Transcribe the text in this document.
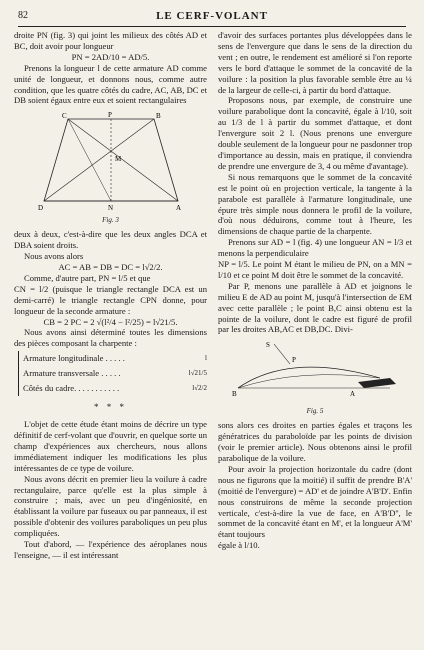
82	LE CERF-VOLANT

droite PN (fig. 3) qui joint les milieux des côtés AD et BC, doit avoir pour longueur

PN = 2AD/10 = AD/5.

Prenons la longueur l de cette armature AD comme unité de longueur, et donnons nous, comme autre condition, que les quatre côtés du cadre, AC, AB, DC et DB soient égaux entre eux et soient rectangulaires

C	P	B
M
D	N	A
Fig. 3

deux à deux, c'est-à-dire que les deux angles DCA et DBA soient droits.

Nous avons alors

AC = AB = DB = DC = l√2/2.

Comme, d'autre part, PN = l/5 et que

CN = l/2 (puisque le triangle rectangle DCA est un demi-carré) le triangle rectangle CPN donne, pour longueur de la seconde armature :

CB = 2 PC = 2 √(l²/4 − l²/25) = l√21/5.

Nous avons ainsi déterminé toutes les dimensions des pièces composant la charpente :

Armature longitudinale . . . . .	l
Armature transversale . . . . .	l√21/5
Côtés du cadre. . . . . . . . . . .	l√2/2
* * *

L'objet de cette étude étant moins de décrire un type définitif de cerf-volant que d'ouvrir, en quelque sorte un champ d'expériences aux chercheurs, nous allons immédiatement indiquer les modifications les plus intéressantes de ce type de voilure.

Nous avons décrit en premier lieu la voilure à cadre rectangulaire, parce qu'elle est la plus simple à construire ; mais, avec un peu d'ingéniosité, en établissant la voilure par fuseaux ou par panneaux, il est possible d'obtenir des voilures paraboliques un peu plus compliquées.

Tout d'abord, — l'expérience des aéroplanes nous l'enseigne, — il est intéressant

d'avoir des surfaces portantes plus développées dans le sens de l'envergure que dans le sens de la direction du vent ; en outre, le rendement est amélioré si l'on reporte vers le bord d'attaque le sommet de la concavité de la voilure : la position la plus favorable semble être au ¼ de la largeur de celle-ci, à partir du bord d'attaque.

Proposons nous, par exemple, de construire une voilure parabolique dont la concavité, égale à l/10, soit au 1/3 de l à partir du sommet d'attaque, et dont l'envergure soit 2 l. (Nous prenons une envergure double seulement de la longueur pour ne pasdonner trop d'importance au dessin, mais en pratique, il conviendra de prendre une envergure de 3, 4 ou même d'avantage).

Si nous remarquons que le sommet de la concavité est le point où en projection verticale, la tangente à la parabole est parallèle à l'armature longitudinale, une épure très simple nous donnera le profil de la voilure, d'où nous déduirons, comme tout à l'heure, les dimensions de chaque partie de la charpente.

Prenons sur AD = l (fig. 4) une longueur AN = l/3 et menons la perpendiculaire

NP = l/5. Le point M étant le milieu de PN, on a MN = l/10 et ce point M doit être le sommet de la concavité.

Par P, menons une parallèle à AD et joignons le milieu E de AD au point M, jusqu'à l'intersection de EM avec cette parallèle ; le point B,C ainsi obtenu est la pointe de la voilure, dont le cadre est figuré de profil par les droites AB,AC et DB,DC. Divi-

S
P
B	A
Fig. 5

sons alors ces droites en parties égales et traçons les génératrices du paraboloïde par les points de division (voir le premier article). Nous obtenons ainsi le profil parabolique de la voilure.

Pour avoir la projection horizontale du cadre (dont nous ne figurons que la moitié) il suffit de prendre B'A' (moitié de l'envergure) = AD' et de joindre A'B'D'. Enfin nous construirons de même la seconde projection verticale, c'est-à-dire la vue de face, en A'B'D'', le sommet de la concavité étant en M', et la longueur A'M' étant toujours

égale à l/10.
